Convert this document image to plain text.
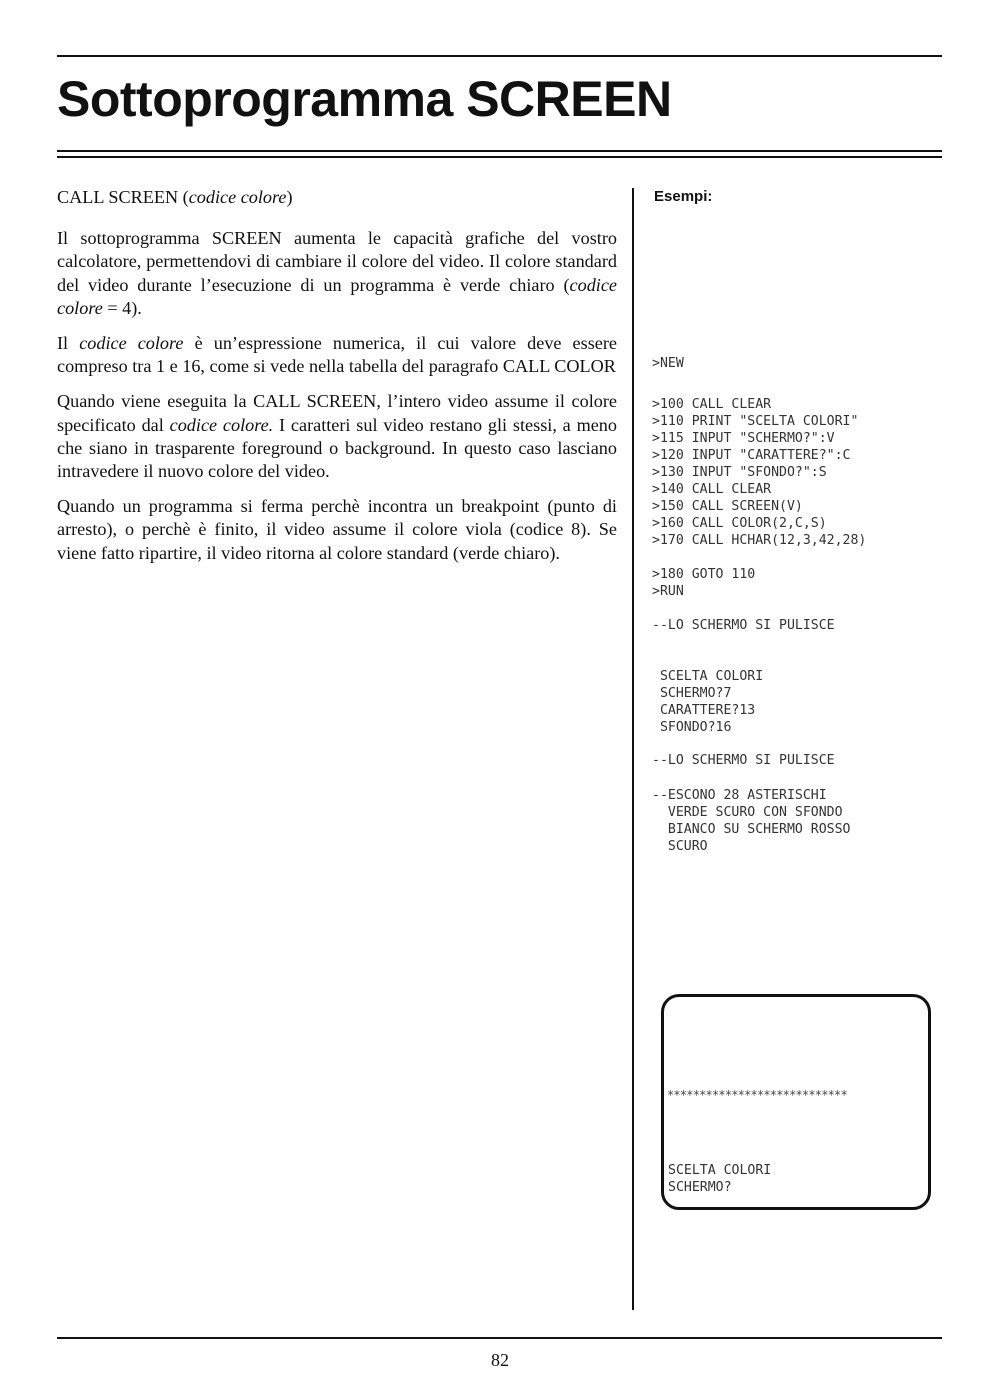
Sottoprogramma SCREEN

CALL SCREEN (codice colore)

Il sottoprogramma SCREEN aumenta le capacità grafiche del vostro calcolatore, permettendovi di cambiare il colore del video. Il colore standard del video durante l’esecuzione di un programma è verde chiaro (codice colore = 4).

Il codice colore è un’espressione numerica, il cui valore deve essere compreso tra 1 e 16, come si vede nella tabella del paragrafo CALL COLOR

Quando viene eseguita la CALL SCREEN, l’intero video assume il colore specificato dal codice colore. I caratteri sul video restano gli stessi, a meno che siano in trasparente foreground o background. In questo caso lasciano intravedere il nuovo colore del video.

Quando un programma si ferma perchè incontra un breakpoint (punto di arresto), o perchè è finito, il video assume il colore viola (codice 8). Se viene fatto ripartire, il video ritorna al colore standard (verde chiaro).

Esempi:
>NEW
>100 CALL CLEAR
>110 PRINT "SCELTA COLORI"
>115 INPUT "SCHERMO?":V
>120 INPUT "CARATTERE?":C
>130 INPUT "SFONDO?":S
>140 CALL CLEAR
>150 CALL SCREEN(V)
>160 CALL COLOR(2,C,S)
>170 CALL HCHAR(12,3,42,28)
>180 GOTO 110
>RUN
--LO SCHERMO SI PULISCE
SCELTA COLORI
SCHERMO?7
CARATTERE?13
SFONDO?16
--LO SCHERMO SI PULISCE
--ESCONO 28 ASTERISCHI
VERDE SCURO CON SFONDO
BIANCO SU SCHERMO ROSSO
SCURO
****************************
SCELTA COLORI
SCHERMO?
82
